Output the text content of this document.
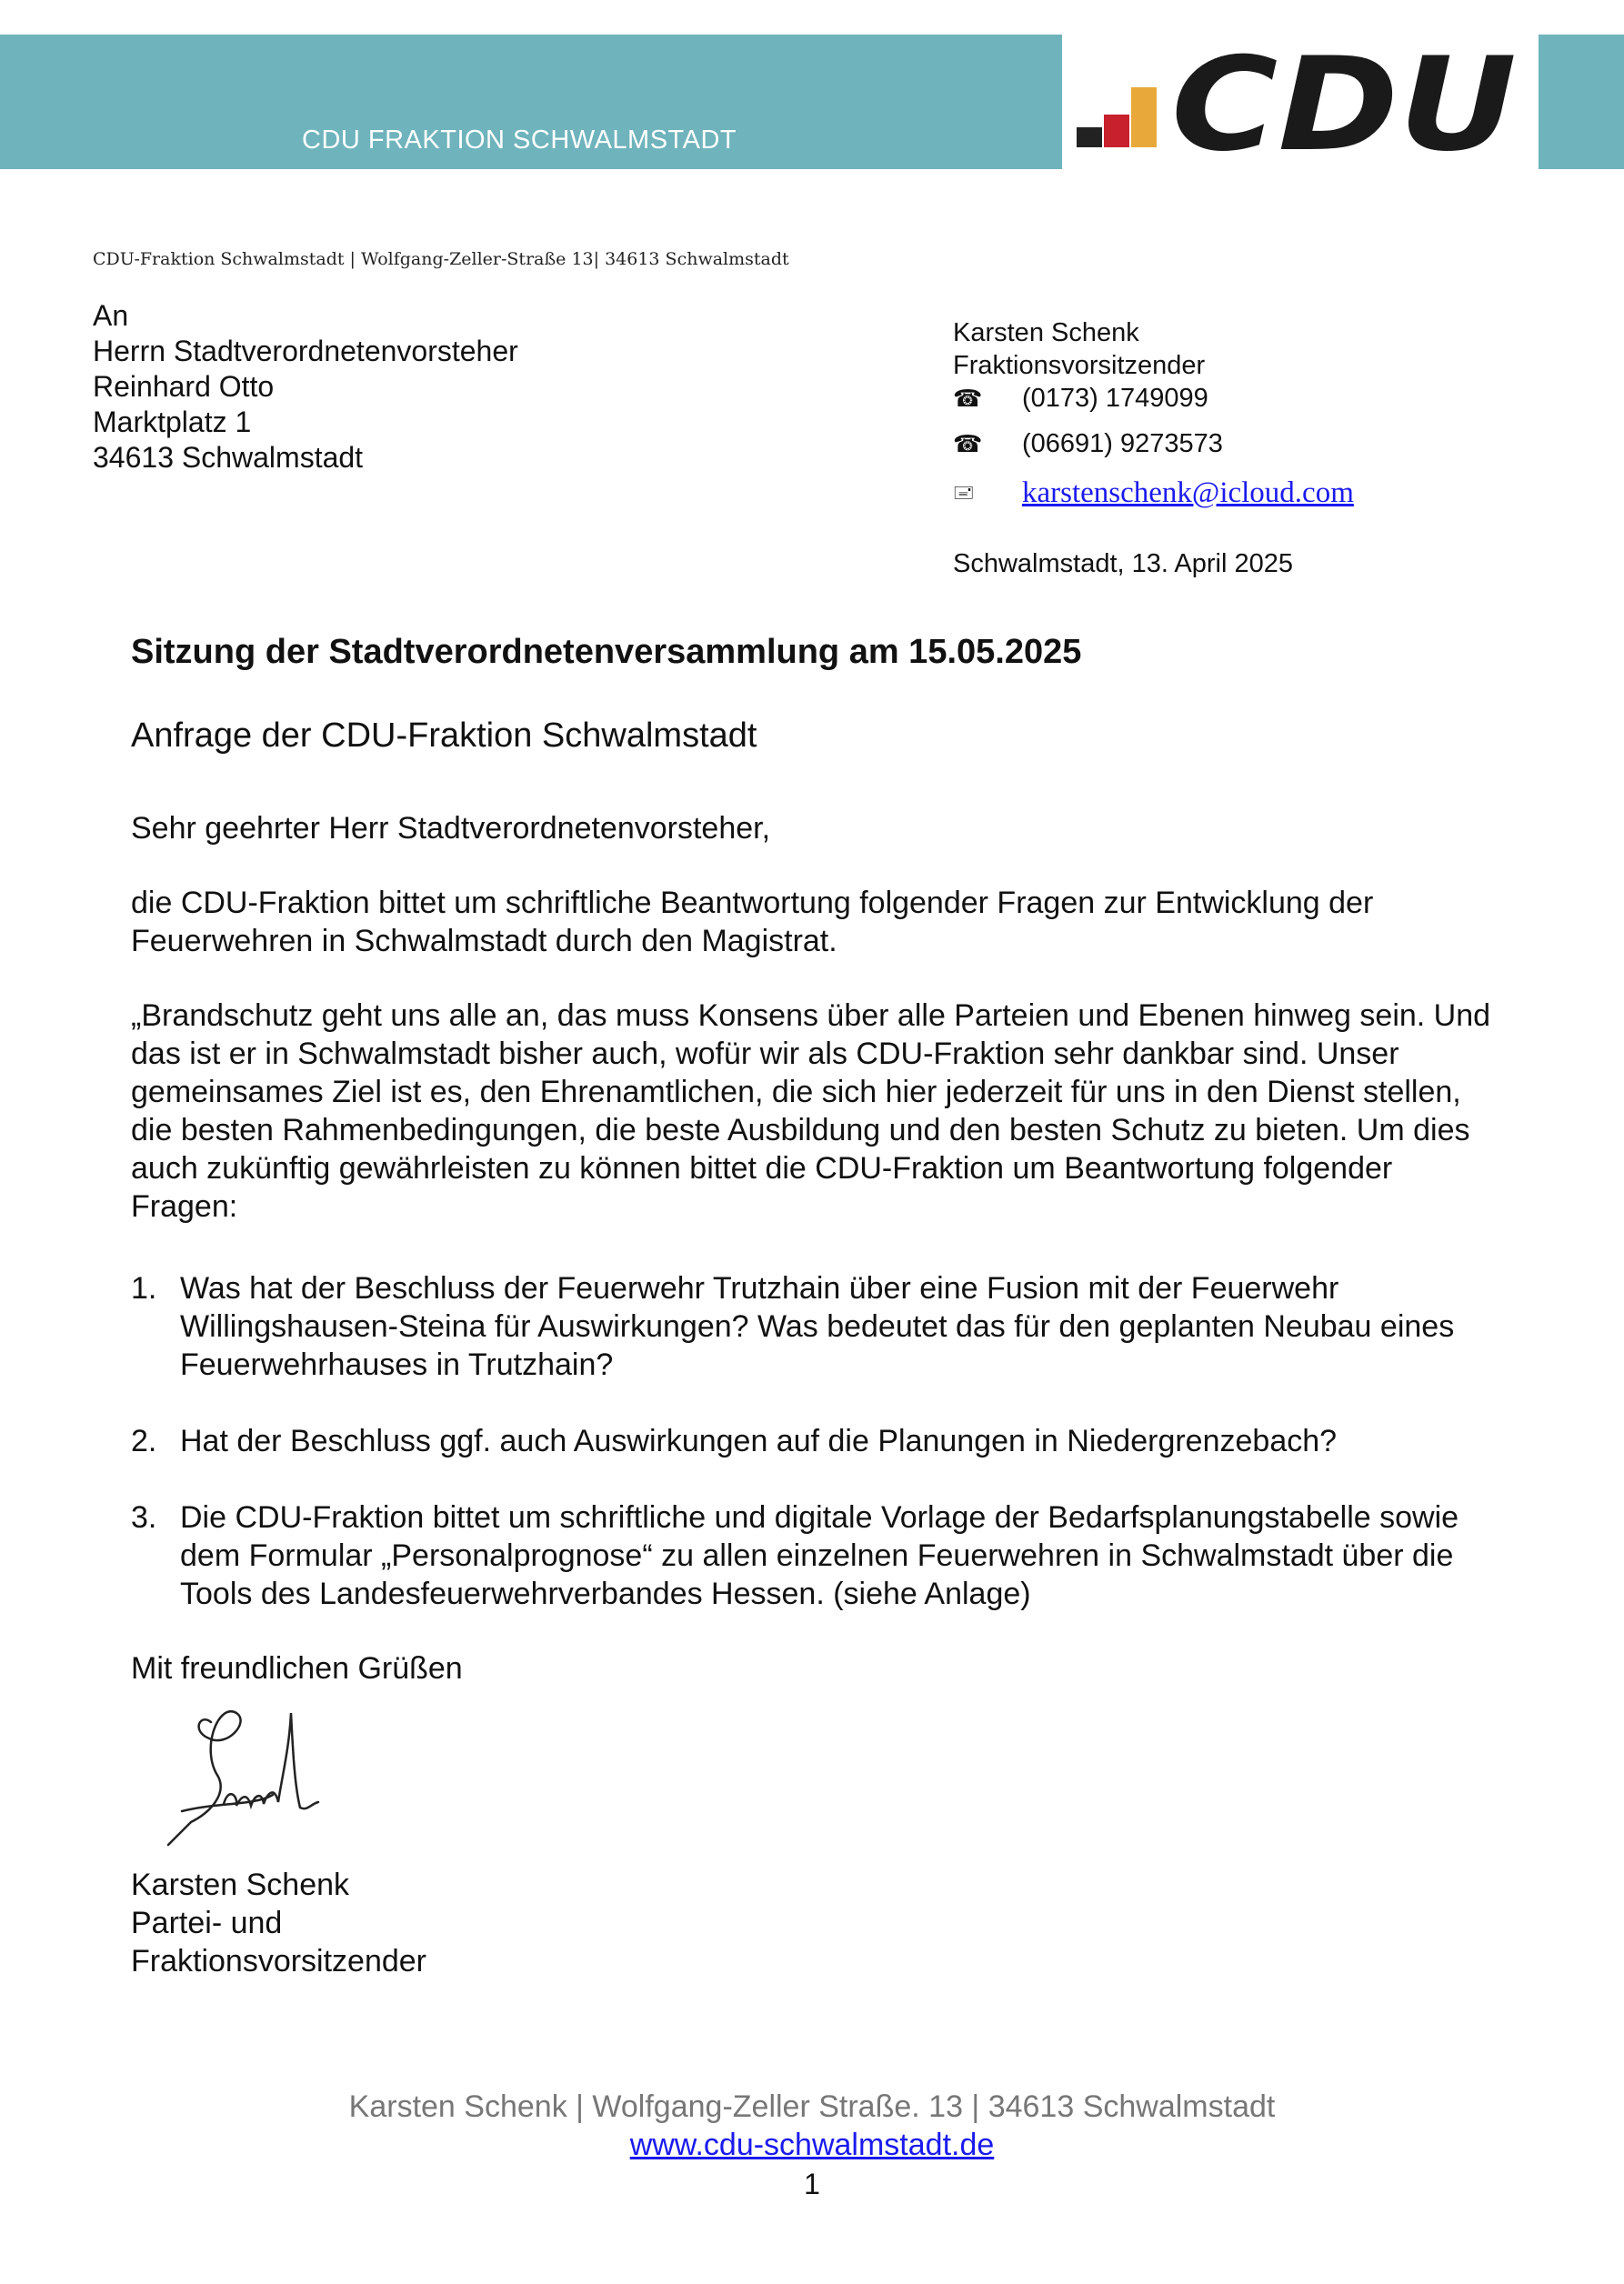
CDU FRAKTION SCHWALMSTADT	CDU
CDU-Fraktion Schwalmstadt | Wolfgang-Zeller-Straße 13| 34613 Schwalmstadt
An
Herrn Stadtverordnetenvorsteher
Reinhard Otto
Marktplatz 1
34613 Schwalmstadt
Karsten Schenk
Fraktionsvorsitzender
☎ (0173) 1749099
☎ (06691) 9273573
🖃	karstenschenk@icloud.com
Schwalmstadt, 13. April 2025
Sitzung der Stadtverordnetenversammlung am 15.05.2025
Anfrage der CDU-Fraktion Schwalmstadt

Sehr geehrter Herr Stadtverordnetenvorsteher,

die CDU-Fraktion bittet um schriftliche Beantwortung folgender Fragen zur Entwicklung der Feuerwehren in Schwalmstadt durch den Magistrat.

„Brandschutz geht uns alle an, das muss Konsens über alle Parteien und Ebenen hinweg sein. Und das ist er in Schwalmstadt bisher auch, wofür wir als CDU-Fraktion sehr dankbar sind. Unser gemeinsames Ziel ist es, den Ehrenamtlichen, die sich hier jederzeit für uns in den Dienst stellen, die besten Rahmenbedingungen, die beste Ausbildung und den besten Schutz zu bieten. Um dies auch zukünftig gewährleisten zu können bittet die CDU-Fraktion um Beantwortung folgender Fragen:

1. Was hat der Beschluss der Feuerwehr Trutzhain über eine Fusion mit der Feuerwehr Willingshausen-Steina für Auswirkungen? Was bedeutet das für den geplanten Neubau eines Feuerwehrhauses in Trutzhain?
2. Hat der Beschluss ggf. auch Auswirkungen auf die Planungen in Niedergrenzebach?
3. Die CDU-Fraktion bittet um schriftliche und digitale Vorlage der Bedarfsplanungstabelle sowie dem Formular „Personalprognose“ zu allen einzelnen Feuerwehren in Schwalmstadt über die Tools des Landesfeuerwehrverbandes Hessen. (siehe Anlage)
Mit freundlichen Grüßen
Karsten Schenk
Partei- und
Fraktionsvorsitzender
Karsten Schenk | Wolfgang-Zeller Straße. 13 | 34613 Schwalmstadt
www.cdu-schwalmstadt.de
1
